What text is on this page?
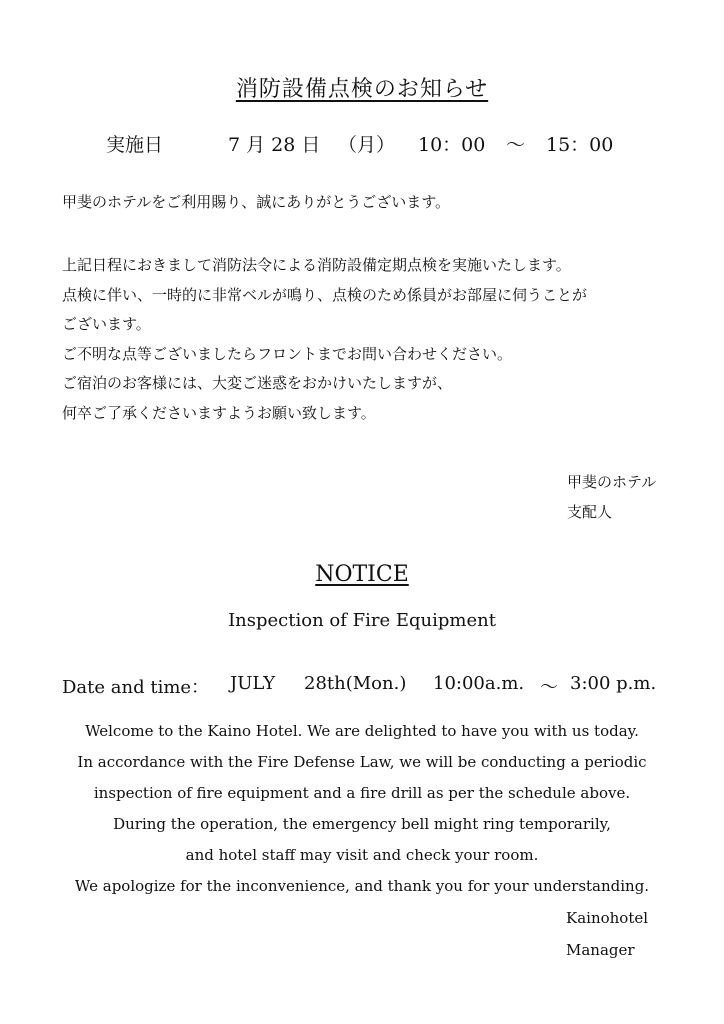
消防設備点検のお知らせ
実施日	7 月 28 日 （月） 10：00 ～ 15：00
甲斐のホテルをご利用賜り、誠にありがとうございます。
上記日程におきまして消防法令による消防設備定期点検を実施いたします。
点検に伴い、一時的に非常ベルが鳴り、点検のため係員がお部屋に伺うことが
ございます。
ご不明な点等ございましたらフロントまでお問い合わせください。
ご宿泊のお客様には、大変ご迷惑をおかけいたしますが、
何卒ご了承くださいますようお願い致します。
甲斐のホテル
支配人
NOTICE
Inspection of Fire Equipment
Date and time： JULY 28th(Mon.) 10:00a.m. ～ 3:00 p.m.
Welcome to the Kaino Hotel. We are delighted to have you with us today.
In accordance with the Fire Defense Law, we will be conducting a periodic
inspection of fire equipment and a fire drill as per the schedule above.
During the operation, the emergency bell might ring temporarily,
and hotel staff may visit and check your room.
We apologize for the inconvenience, and thank you for your understanding.
Kainohotel
Manager
